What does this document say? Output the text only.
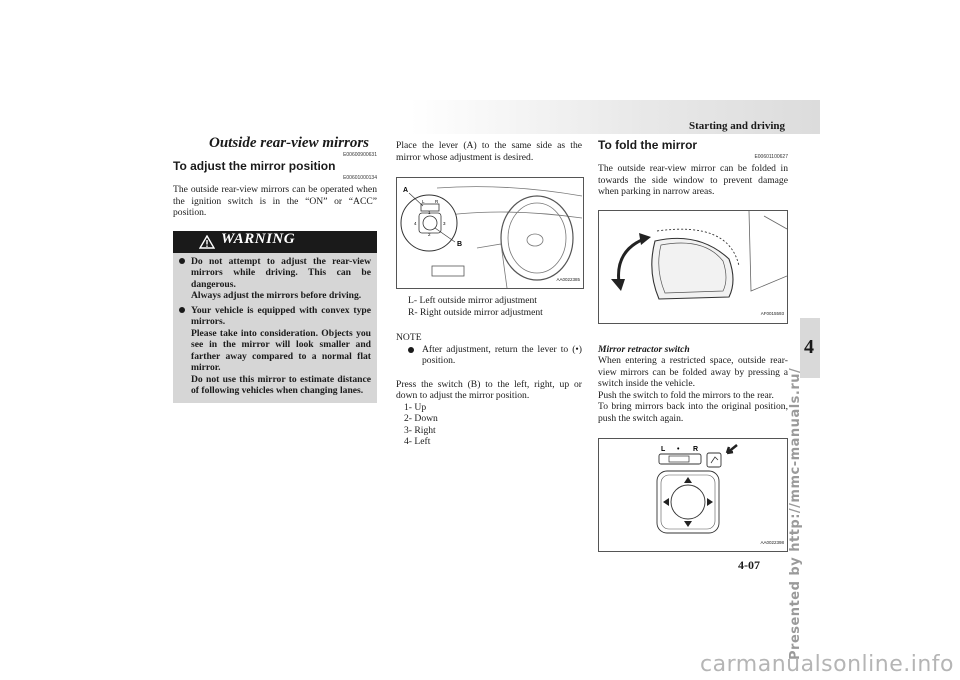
Starting and driving
4
Outside rear-view mirrors
E00600900631
To adjust the mirror position
E00601000134
The outside rear-view mirrors can be operated when the ignition switch is in the “ON” or “ACC” position.
WARNING
Do not attempt to adjust the rear-view mirrors while driving. This can be dangerous.
Always adjust the mirrors before driving.
Your vehicle is equipped with convex type mirrors.
Please take into consideration. Objects you see in the mirror will look smaller and farther away compared to a normal flat mirror.
Do not use this mirror to estimate distance of following vehicles when changing lanes.
Place the lever (A) to the same side as the mirror whose adjustment is desired.
A
B
L R
1
2
3
4
AA0022385
L- Left outside mirror adjustment
R- Right outside mirror adjustment
NOTE
After adjustment, return the lever to (•) position.
Press the switch (B) to the left, right, up or down to adjust the mirror position.
1- Up
2- Down
3- Right
4- Left
To fold the mirror
E00601100627
The outside rear-view mirror can be folded in towards the side window to prevent damage when parking in narrow areas.
AF0015593
Mirror retractor switch
When entering a restricted space, outside rear-view mirrors can be folded away by pressing a switch inside the vehicle.
Push the switch to fold the mirrors to the rear.
To bring mirrors back into the original position, push the switch again.
L • R
AA0022398 Presented by http://mmc-manuals.ru/
4-07
carmanualsonline.info
